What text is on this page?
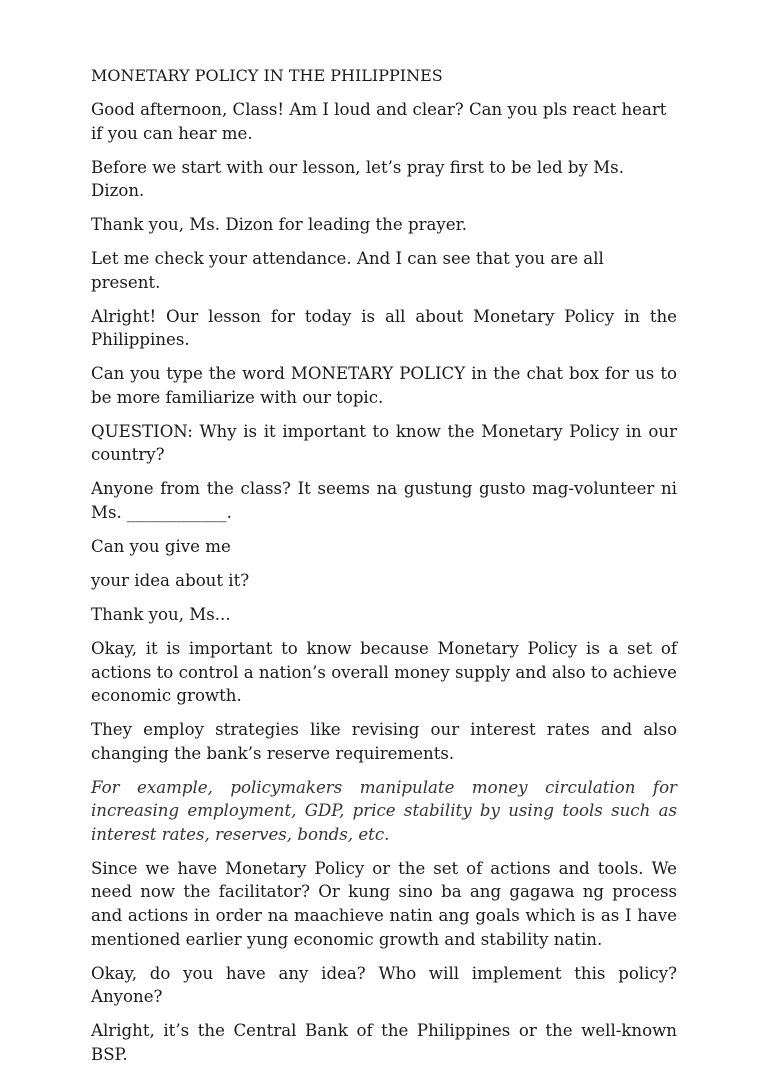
MONETARY POLICY IN THE PHILIPPINES

Good afternoon, Class! Am I loud and clear? Can you pls react heart if you can hear me.

Before we start with our lesson, let’s pray first to be led by Ms. Dizon.

Thank you, Ms. Dizon for leading the prayer.

Let me check your attendance. And I can see that you are all present.

Alright! Our lesson for today is all about Monetary Policy in the Philippines.

Can you type the word MONETARY POLICY in the chat box for us to be more familiarize with our topic.

QUESTION: Why is it important to know the Monetary Policy in our country?

Anyone from the class? It seems na gustung gusto mag-volunteer ni Ms. ____________.

Can you give me

your idea about it?

Thank you, Ms...

Okay, it is important to know because Monetary Policy is a set of actions to control a nation’s overall money supply and also to achieve economic growth.

They employ strategies like revising our interest rates and also changing the bank’s reserve requirements.

For example, policymakers manipulate money circulation for increasing employment, GDP, price stability by using tools such as interest rates, reserves, bonds, etc.

Since we have Monetary Policy or the set of actions and tools. We need now the facilitator? Or kung sino ba ang gagawa ng process and actions in order na maachieve natin ang goals which is as I have mentioned earlier yung economic growth and stability natin.

Okay, do you have any idea? Who will implement this policy? Anyone?

Alright, it’s the Central Bank of the Philippines or the well-known BSP.
